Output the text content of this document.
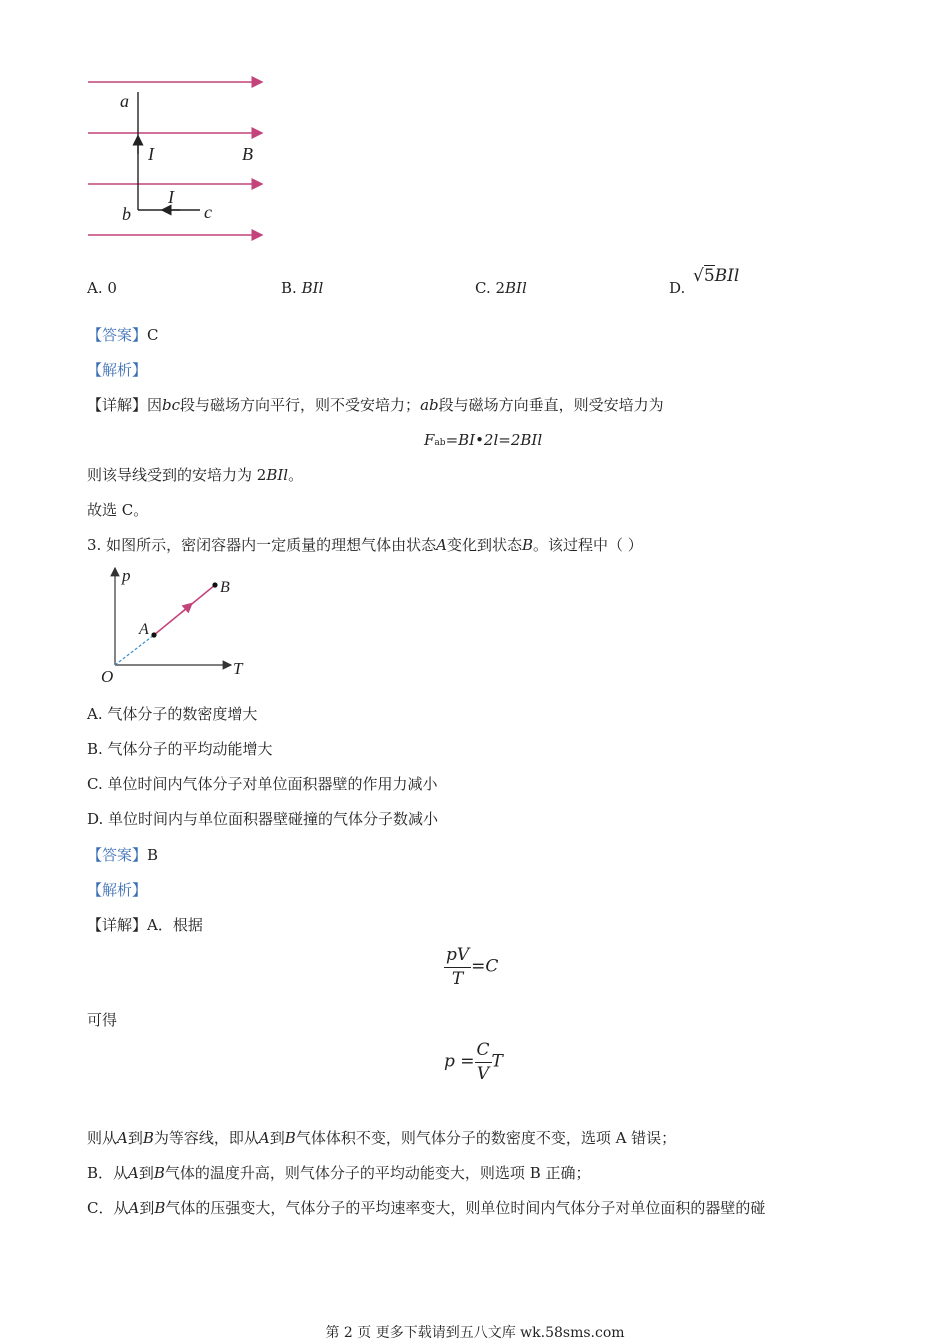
a
I	B
I
b	c
A. 0	B. BIl	C. 2BIl	D.
√5BIl
【答案】C
【解析】
【详解】因bc段与磁场方向平行，则不受安培力；ab段与磁场方向垂直，则受安培力为
Fab=BI•2l=2BIl
则该导线受到的安培力为 2BIl。
故选 C。
3. 如图所示，密闭容器内一定质量的理想气体由状态A变化到状态B。该过程中（ ）
p
T
O
A
B
A. 气体分子的数密度增大
B. 气体分子的平均动能增大
C. 单位时间内气体分子对单位面积器壁的作用力减小
D. 单位时间内与单位面积器壁碰撞的气体分子数减小
【答案】B
【解析】
【详解】A．根据
$\frac{pV}{T} =C$
可得
$p = \frac{C}{V}$ T
则从A到B为等容线，即从A到B气体体积不变，则气体分子的数密度不变，选项 A 错误；
B．从A到B气体的温度升高，则气体分子的平均动能变大，则选项 B 正确；
C．从A到B气体的压强变大，气体分子的平均速率变大，则单位时间内气体分子对单位面积的器壁的碰
第 2 页 更多下载请到五八文库 wk.58sms.com
